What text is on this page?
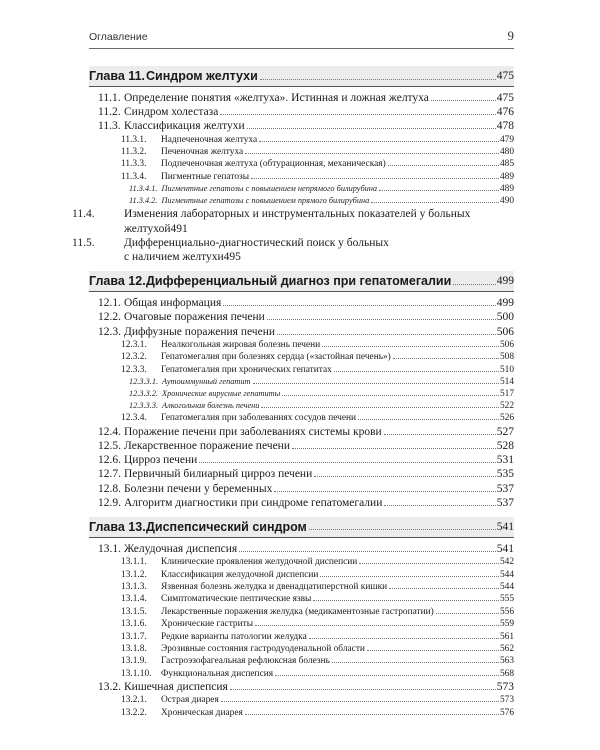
Оглавление	9
Глава 11.Синдром желтухи	475
11.1. Определение понятия «желтуха». Истинная и ложная желтуха	475
11.2. Синдром холестаза	476
11.3. Классификация желтухи	478
11.3.1. Надпеченочная желтуха	479
11.3.2. Печеночная желтуха	480
11.3.3. Подпеченочная желтуха (обтурационная, механическая)	485
11.3.4. Пигментные гепатозы	489
11.3.4.1. Пигментные гепатозы с повышением непрямого билирубина	489
11.3.4.2. Пигментные гепатозы с повышением прямого билирубина	490
11.4.	Изменения лабораторных и инструментальных показателей у больных
желтухой 491
11.5.	Дифференциально-диагностический поиск у больных
с наличием желтухи 495
Глава 12.Дифференциальный диагноз при гепатомегалии	499
12.1. Общая информация	499
12.2. Очаговые поражения печени	500
12.3. Диффузные поражения печени	506
12.3.1. Неалкогольная жировая болезнь печени	506
12.3.2. Гепатомегалия при болезнях сердца («застойная печень»)	508
12.3.3. Гепатомегалия при хронических гепатитах	510
12.3.3.1. Аутоиммунный гепатит	514
12.3.3.2. Хронические вирусные гепатиты	517
12.3.3.3. Алкогольная болезнь печени	522
12.3.4. Гепатомегалия при заболеваниях сосудов печени	526
12.4. Поражение печени при заболеваниях системы крови	527
12.5. Лекарственное поражение печени	528
12.6. Цирроз печени	531
12.7. Первичный билиарный цирроз печени	535
12.8. Болезни печени у беременных	537
12.9. Алгоритм диагностики при синдроме гепатомегалии	537
Глава 13.Диспепсический синдром	541
13.1. Желудочная диспепсия	541
13.1.1. Клинические проявления желудочной диспепсии	542
13.1.2. Классификация желудочной диспепсии	544
13.1.3. Язвенная болезнь желудка и двенадцатиперстной кишки	544
13.1.4. Симптоматические пептические язвы	555
13.1.5. Лекарственные поражения желудка (медикаментозные гастропатии)	556
13.1.6. Хронические гастриты	559
13.1.7. Редкие варианты патологии желудка	561
13.1.8. Эрозивные состояния гастродуоденальной области	562
13.1.9. Гастроэзофагеальная рефлюксная болезнь	563
13.1.10. Функциональная диспепсия	568
13.2. Кишечная диспепсия	573
13.2.1. Острая диарея	573
13.2.2. Хроническая диарея	576
